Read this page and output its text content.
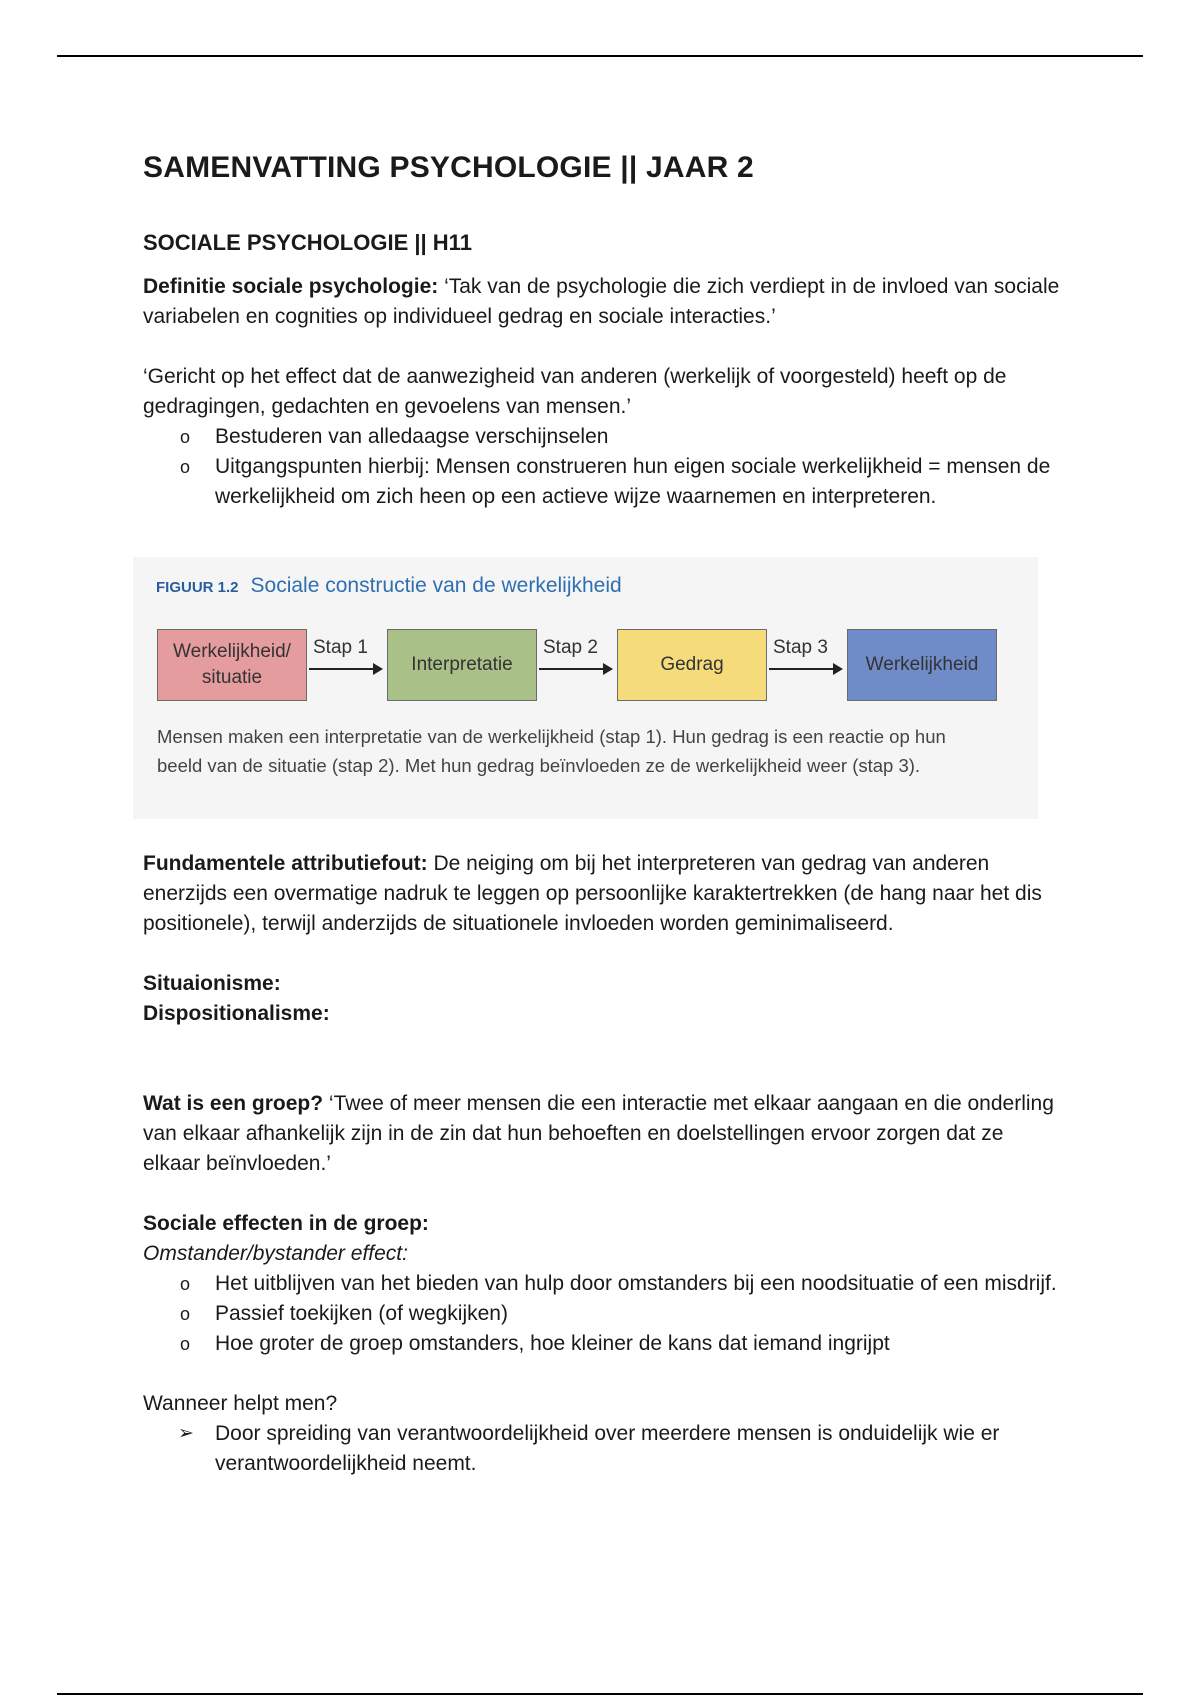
SAMENVATTING PSYCHOLOGIE || JAAR 2
SOCIALE PSYCHOLOGIE || H11

Definitie sociale psychologie: ‘Tak van de psychologie die zich verdiept in de invloed van sociale variabelen en cognities op individueel gedrag en sociale interacties.’

‘Gericht op het effect dat de aanwezigheid van anderen (werkelijk of voorgesteld) heeft op de gedragingen, gedachten en gevoelens van mensen.’

o Bestuderen van alledaagse verschijnselen
o Uitgangspunten hierbij: Mensen construeren hun eigen sociale werkelijkheid = mensen de werkelijkheid om zich heen op een actieve wijze waarnemen en interpreteren.
FIGUUR 1.2 Sociale constructie van de werkelijkheid
Werkelijkheid/ situatie
Interpretatie	Gedrag	Werkelijkheid
Stap 1	Stap 2	Stap 3
Mensen maken een interpretatie van de werkelijkheid (stap 1). Hun gedrag is een reactie op hun beeld van de situatie (stap 2). Met hun gedrag beïnvloeden ze de werkelijkheid weer (stap 3).

Fundamentele attributiefout: De neiging om bij het interpreteren van gedrag van anderen enerzijds een overmatige nadruk te leggen op persoonlijke karaktertrekken (de hang naar het dis positionele), terwijl anderzijds de situationele invloeden worden geminimaliseerd.

Situaionisme:

Dispositionalisme:

Wat is een groep? ‘Twee of meer mensen die een interactie met elkaar aangaan en die onderling van elkaar afhankelijk zijn in de zin dat hun behoeften en doelstellingen ervoor zorgen dat ze elkaar beïnvloeden.’

Sociale effecten in de groep:

Omstander/bystander effect:

o Het uitblijven van het bieden van hulp door omstanders bij een noodsituatie of een misdrijf.
o Passief toekijken (of wegkijken)
o Hoe groter de groep omstanders, hoe kleiner de kans dat iemand ingrijpt

Wanneer helpt men?

➢ Door spreiding van verantwoordelijkheid over meerdere mensen is onduidelijk wie er verantwoordelijkheid neemt.
